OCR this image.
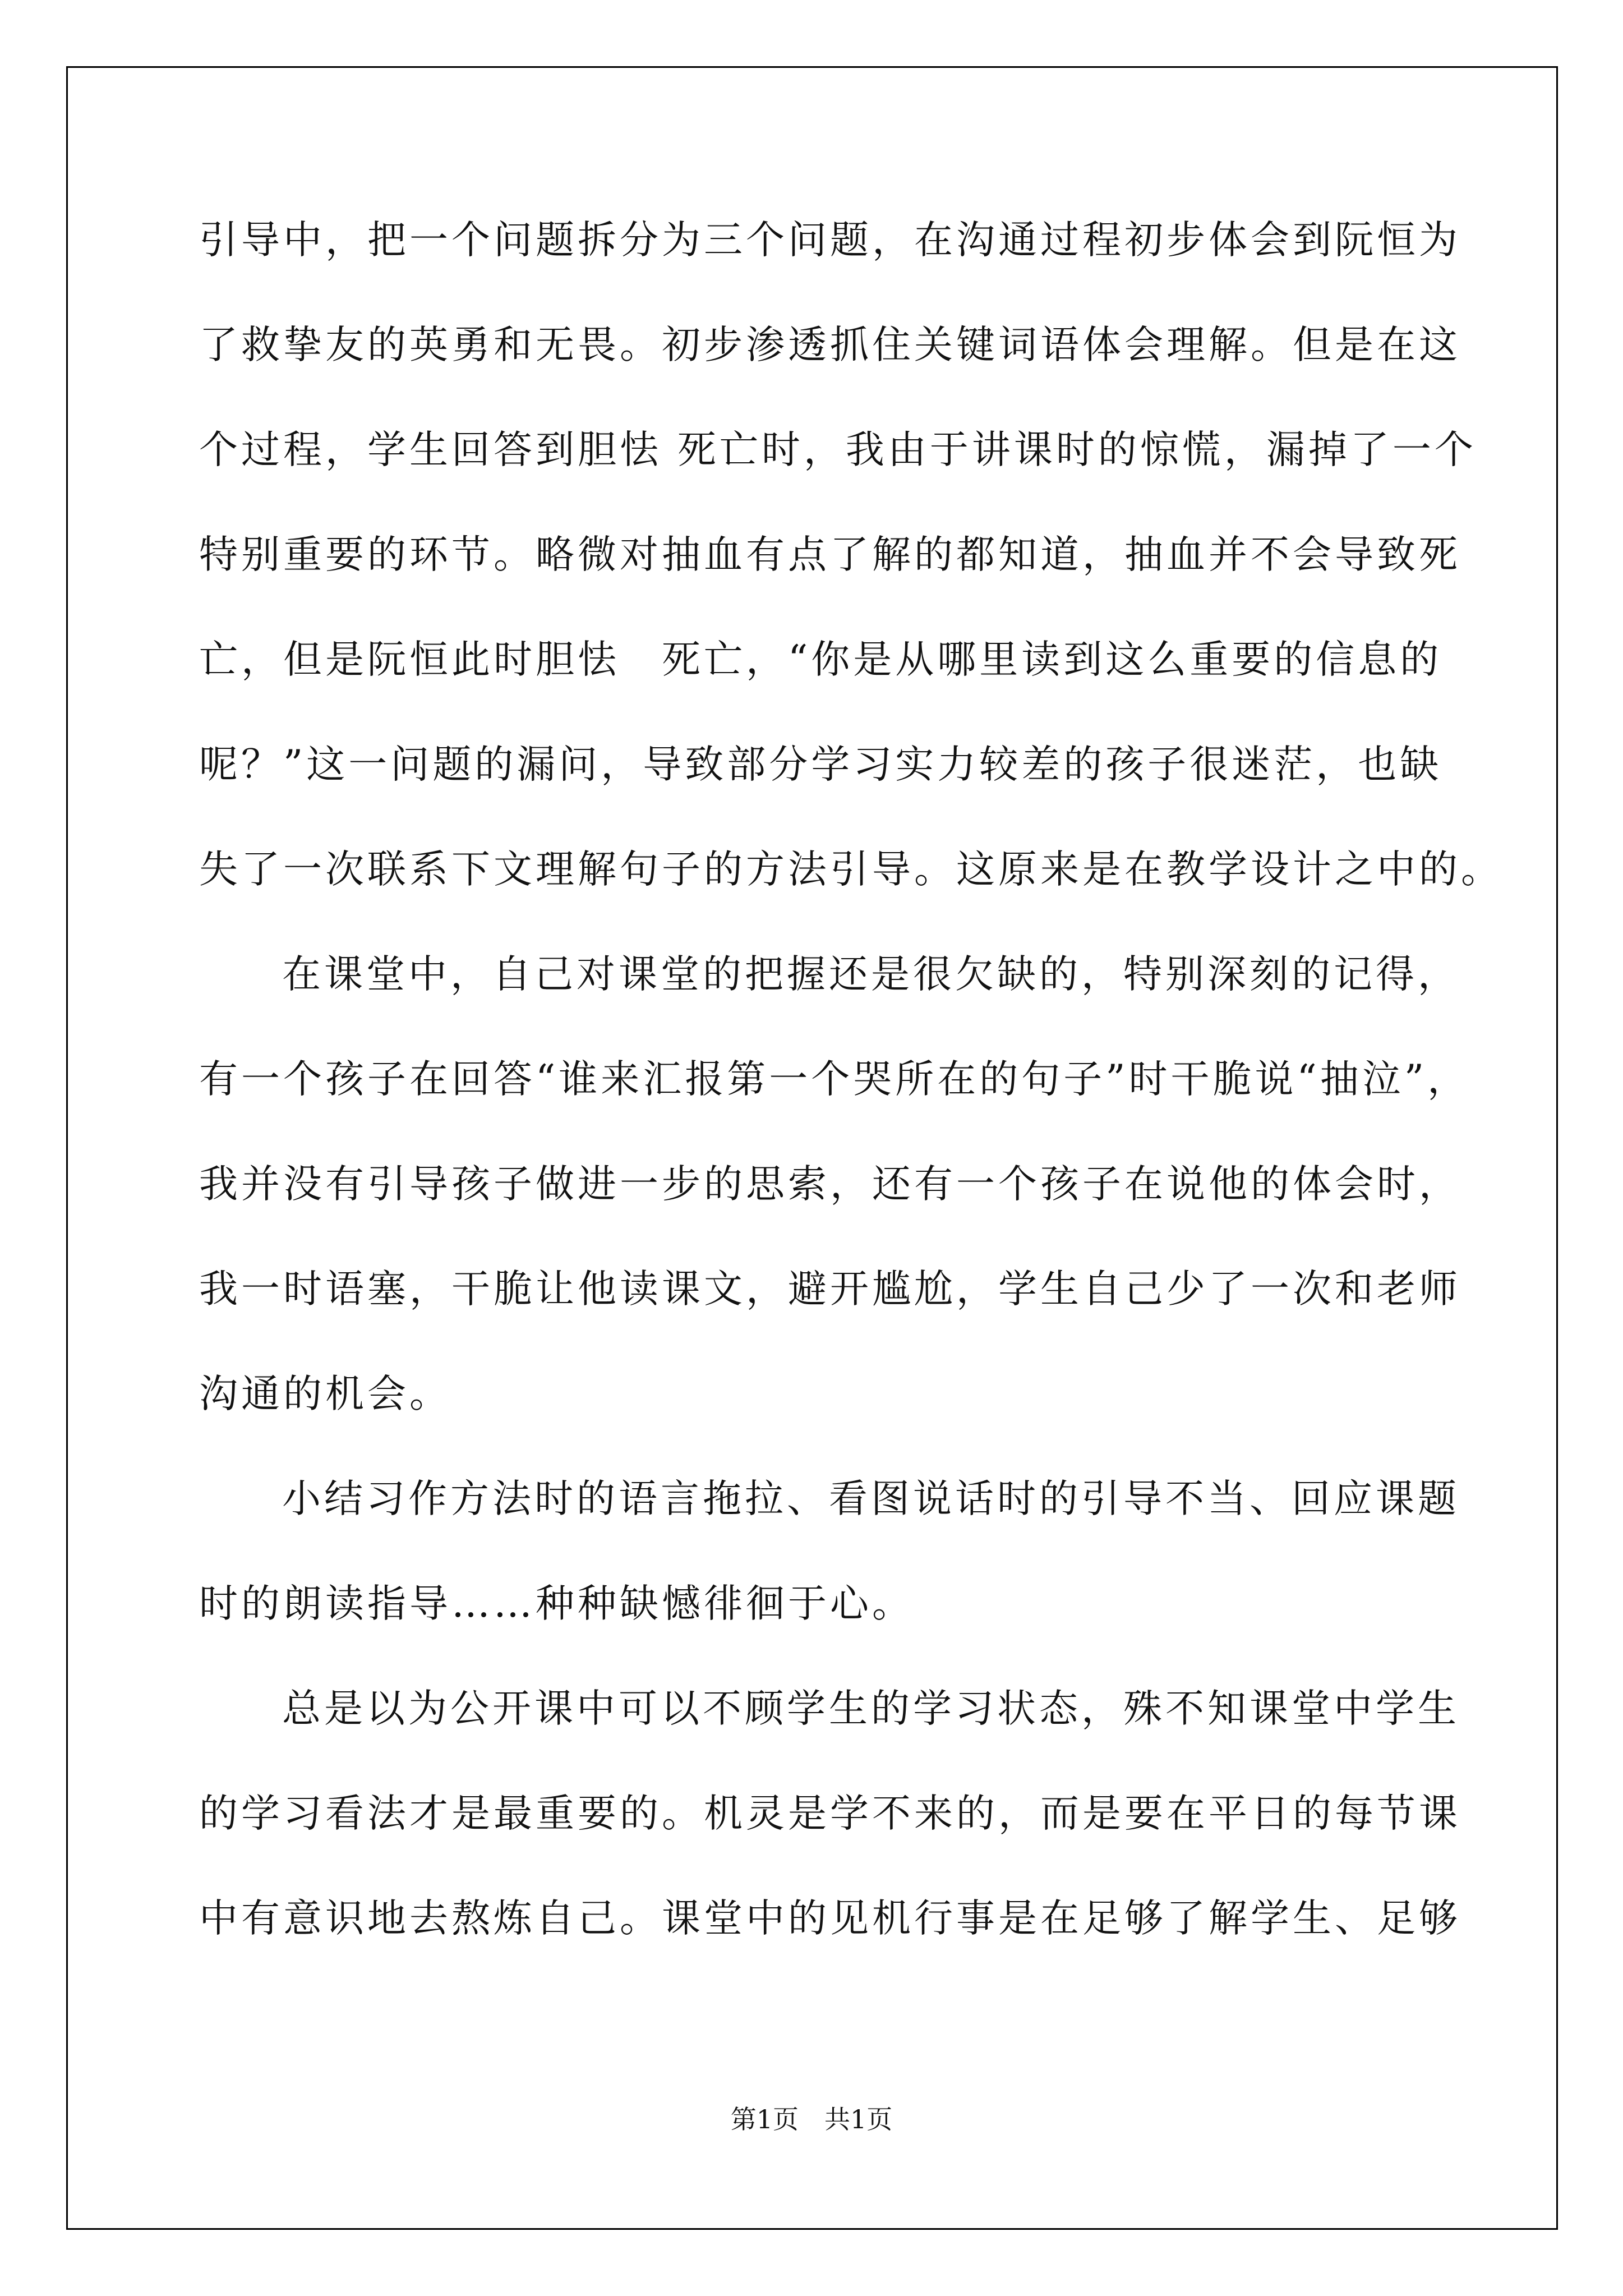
引导中，把一个问题拆分为三个问题，在沟通过程初步体会到阮恒为
了救挚友的英勇和无畏。初步渗透抓住关键词语体会理解。但是在这
个过程，学生回答到胆怯 死亡时，我由于讲课时的惊慌，漏掉了一个
特别重要的环节。略微对抽血有点了解的都知道，抽血并不会导致死
亡，但是阮恒此时胆怯　死亡，“你是从哪里读到这么重要的信息的
呢？”这一问题的漏问，导致部分学习实力较差的孩子很迷茫，也缺
失了一次联系下文理解句子的方法引导。这原来是在教学设计之中的。
在课堂中，自己对课堂的把握还是很欠缺的，特别深刻的记得，
有一个孩子在回答“谁来汇报第一个哭所在的句子”时干脆说“抽泣”，
我并没有引导孩子做进一步的思索，还有一个孩子在说他的体会时，
我一时语塞，干脆让他读课文，避开尴尬，学生自己少了一次和老师
沟通的机会。
小结习作方法时的语言拖拉、看图说话时的引导不当、回应课题
时的朗读指导……种种缺憾徘徊于心。
总是以为公开课中可以不顾学生的学习状态，殊不知课堂中学生
的学习看法才是最重要的。机灵是学不来的，而是要在平日的每节课
中有意识地去熬炼自己。课堂中的见机行事是在足够了解学生、足够
第1页　共1页
